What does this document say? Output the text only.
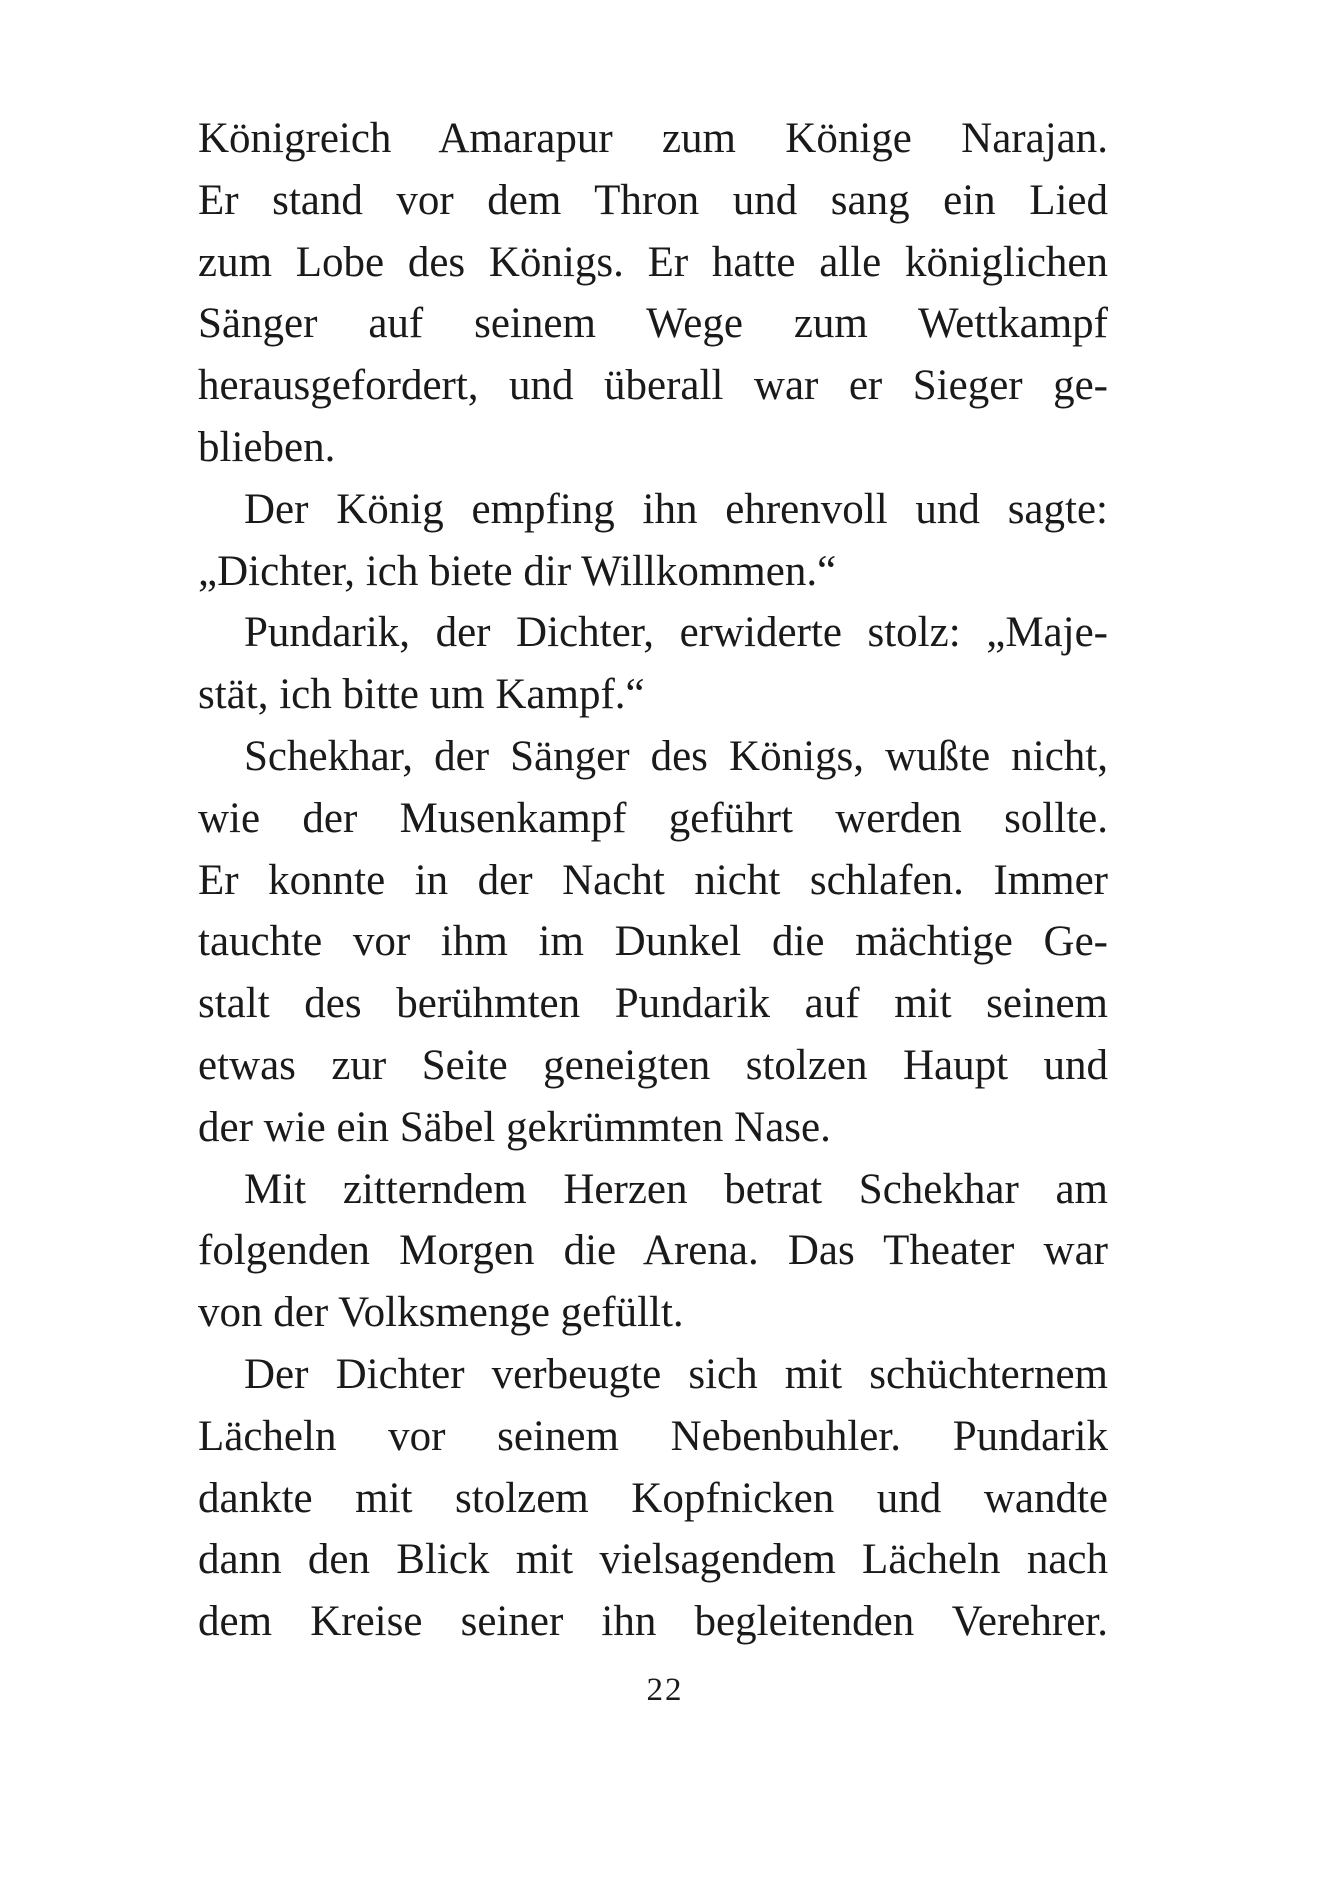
Königreich Amarapur zum Könige Narajan.
Er stand vor dem Thron und sang ein Lied
zum Lobe des Königs. Er hatte alle königlichen
Sänger auf seinem Wege zum Wettkampf
herausgefordert, und überall war er Sieger ge-
blieben.
Der König empfing ihn ehrenvoll und sagte:
„Dichter, ich biete dir Willkommen.“
Pundarik, der Dichter, erwiderte stolz: „Maje-
stät, ich bitte um Kampf.“
Schekhar, der Sänger des Königs, wußte nicht,
wie der Musenkampf geführt werden sollte.
Er konnte in der Nacht nicht schlafen. Immer
tauchte vor ihm im Dunkel die mächtige Ge-
stalt des berühmten Pundarik auf mit seinem
etwas zur Seite geneigten stolzen Haupt und
der wie ein Säbel gekrümmten Nase.
Mit zitterndem Herzen betrat Schekhar am
folgenden Morgen die Arena. Das Theater war
von der Volksmenge gefüllt.
Der Dichter verbeugte sich mit schüchternem
Lächeln vor seinem Nebenbuhler. Pundarik
dankte mit stolzem Kopfnicken und wandte
dann den Blick mit vielsagendem Lächeln nach
dem Kreise seiner ihn begleitenden Verehrer.
22
